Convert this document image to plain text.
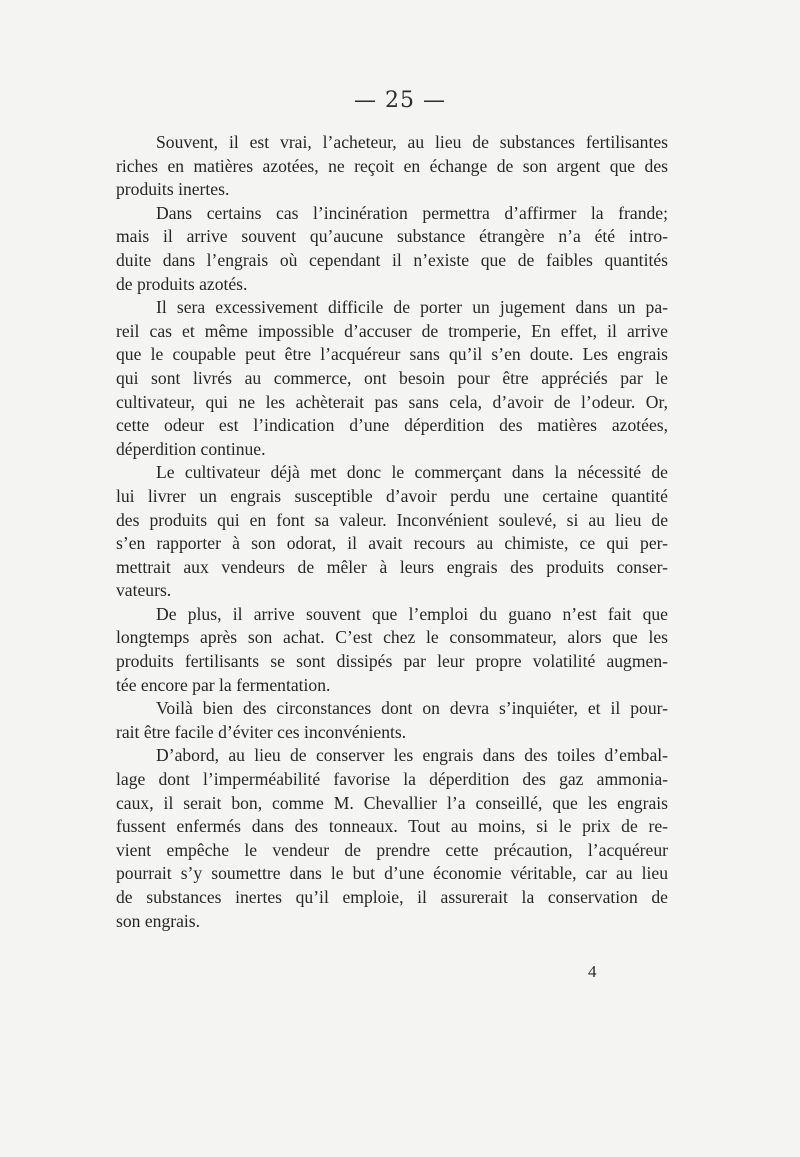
— 25 —
Souvent, il est vrai, l’acheteur, au lieu de substances fertilisantes
riches en matières azotées, ne reçoit en échange de son argent que des
produits inertes.
Dans certains cas l’incinération permettra d’affirmer la frande;
mais il arrive souvent qu’aucune substance étrangère n’a été intro-
duite dans l’engrais où cependant il n’existe que de faibles quantités
de produits azotés.
Il sera excessivement difficile de porter un jugement dans un pa-
reil cas et même impossible d’accuser de tromperie, En effet, il arrive
que le coupable peut être l’acquéreur sans qu’il s’en doute. Les engrais
qui sont livrés au commerce, ont besoin pour être appréciés par le
cultivateur, qui ne les achèterait pas sans cela, d’avoir de l’odeur. Or,
cette odeur est l’indication d’une déperdition des matières azotées,
déperdition continue.
Le cultivateur déjà met donc le commerçant dans la nécessité de
lui livrer un engrais susceptible d’avoir perdu une certaine quantité
des produits qui en font sa valeur. Inconvénient soulevé, si au lieu de
s’en rapporter à son odorat, il avait recours au chimiste, ce qui per-
mettrait aux vendeurs de mêler à leurs engrais des produits conser-
vateurs.
De plus, il arrive souvent que l’emploi du guano n’est fait que
longtemps après son achat. C’est chez le consommateur, alors que les
produits fertilisants se sont dissipés par leur propre volatilité augmen-
tée encore par la fermentation.
Voilà bien des circonstances dont on devra s’inquiéter, et il pour-
rait être facile d’éviter ces inconvénients.
D’abord, au lieu de conserver les engrais dans des toiles d’embal-
lage dont l’imperméabilité favorise la déperdition des gaz ammonia-
caux, il serait bon, comme M. Chevallier l’a conseillé, que les engrais
fussent enfermés dans des tonneaux. Tout au moins, si le prix de re-
vient empêche le vendeur de prendre cette précaution, l’acquéreur
pourrait s’y soumettre dans le but d’une économie véritable, car au lieu
de substances inertes qu’il emploie, il assurerait la conservation de
son engrais.
4
